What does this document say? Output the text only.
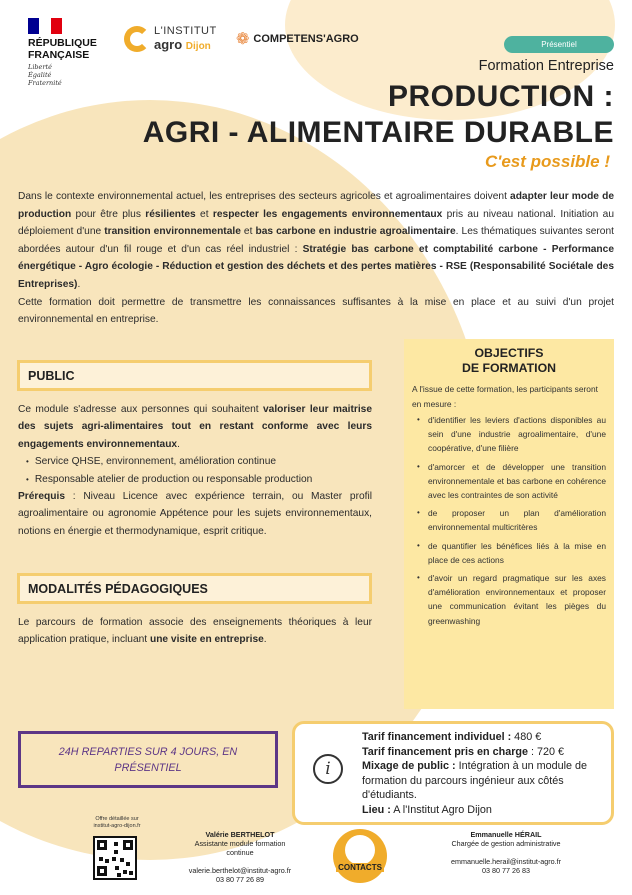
RÉPUBLIQUE
FRANÇAISE
Liberté
Égalité
Fraternité
L'INSTITUT
agro Dijon	❁ COMPETENS'AGRO	Présentiel
Formation Entreprise
PRODUCTION :
AGRI - ALIMENTAIRE DURABLE
C'est possible !

Dans le contexte environnemental actuel, les entreprises des secteurs agricoles et agroalimentaires doivent adapter leur mode de production pour être plus résilientes et respecter les engagements environnementaux pris au niveau national. Initiation au déploiement d'une transition environnementale et bas carbone en industrie agroalimentaire. Les thématiques suivantes seront abordées autour d'un fil rouge et d'un cas réel industriel : Stratégie bas carbone et comptabilité carbone - Performance énergétique - Agro écologie - Réduction et gestion des déchets et des pertes matières - RSE (Responsabilité Sociétale des Entreprises).

Cette formation doit permettre de transmettre les connaissances suffisantes à la mise en place et au suivi d'un projet environnemental en entreprise.

PUBLIC

Ce module s'adresse aux personnes qui souhaitent valoriser leur maitrise des sujets agri-alimentaires tout en restant conforme avec leurs engagements environnementaux.

• Service QHSE, environnement, amélioration continue
• Responsable atelier de production ou responsable production

Prérequis : Niveau Licence avec expérience terrain, ou Master profil agroalimentaire ou agronomie Appétence pour les sujets environnementaux, notions en énergie et thermodynamique, esprit critique.

MODALITÉS PÉDAGOGIQUES

Le parcours de formation associe des enseignements théoriques à leur application pratique, incluant une visite en entreprise.

OBJECTIFS
DE FORMATION
A l'issue de cette formation, les participants seront en mesure :
• d'identifier les leviers d'actions disponibles au sein d'une industrie agroalimentaire, d'une coopérative, d'une filière
• d'amorcer et de développer une transition environnementale et bas carbone en cohérence avec les contraintes de son activité
• de proposer un plan d'amélioration environnemental multicritères
• de quantifier les bénéfices liés à la mise en place de ces actions
• d'avoir un regard pragmatique sur les axes d'amélioration environnementaux et proposer une communication évitant les pièges du greenwashing
24H REPARTIES SUR 4 JOURS, EN PRÉSENTIEL	i
Tarif financement individuel : 480 €
Tarif financement pris en charge : 720 €
Mixage de public : Intégration à un module de formation du parcours ingénieur aux côtés d'étudiants.
Lieu : A l'Institut Agro Dijon
Offre détaillée sur
institut-agro-dijon.fr
Valérie BERTHELOT
Assistante module formation
continue
valerie.berthelot@institut-agro.fr
03 80 77 26 89
CONTACTS
Emmanuelle HÉRAIL
Chargée de gestion administrative
emmanuelle.herail@institut-agro.fr
03 80 77 26 83
